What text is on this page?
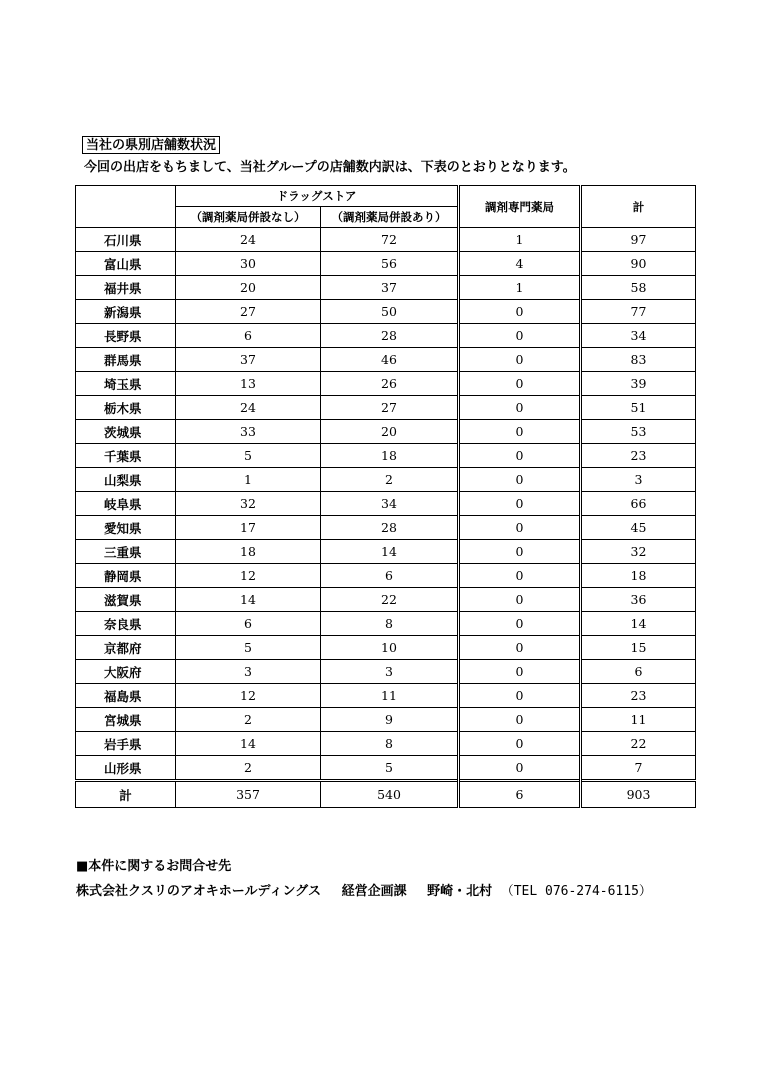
当社の県別店舗数状況
今回の出店をもちまして、当社グループの店舗数内訳は、下表のとおりとなります。
	ドラッグストア		調剤専門薬局	計
	（調剤薬局併設なし）	（調剤薬局併設あり）		
石川県	24	72	1	97
富山県	30	56	4	90
福井県	20	37	1	58
新潟県	27	50	0	77
長野県	6	28	0	34
群馬県	37	46	0	83
埼玉県	13	26	0	39
栃木県	24	27	0	51
茨城県	33	20	0	53
千葉県	5	18	0	23
山梨県	1	2	0	3
岐阜県	32	34	0	66
愛知県	17	28	0	45
三重県	18	14	0	32
静岡県	12	6	0	18
滋賀県	14	22	0	36
奈良県	6	8	0	14
京都府	5	10	0	15
大阪府	3	3	0	6
福島県	12	11	0	23
宮城県	2	9	0	11
岩手県	14	8	0	22
山形県	2	5	0	7
計	357	540	6	903
■本件に関するお問合せ先
株式会社クスリのアオキホールディングス 経営企画課 野崎・北村 （TEL 076-274-6115）
